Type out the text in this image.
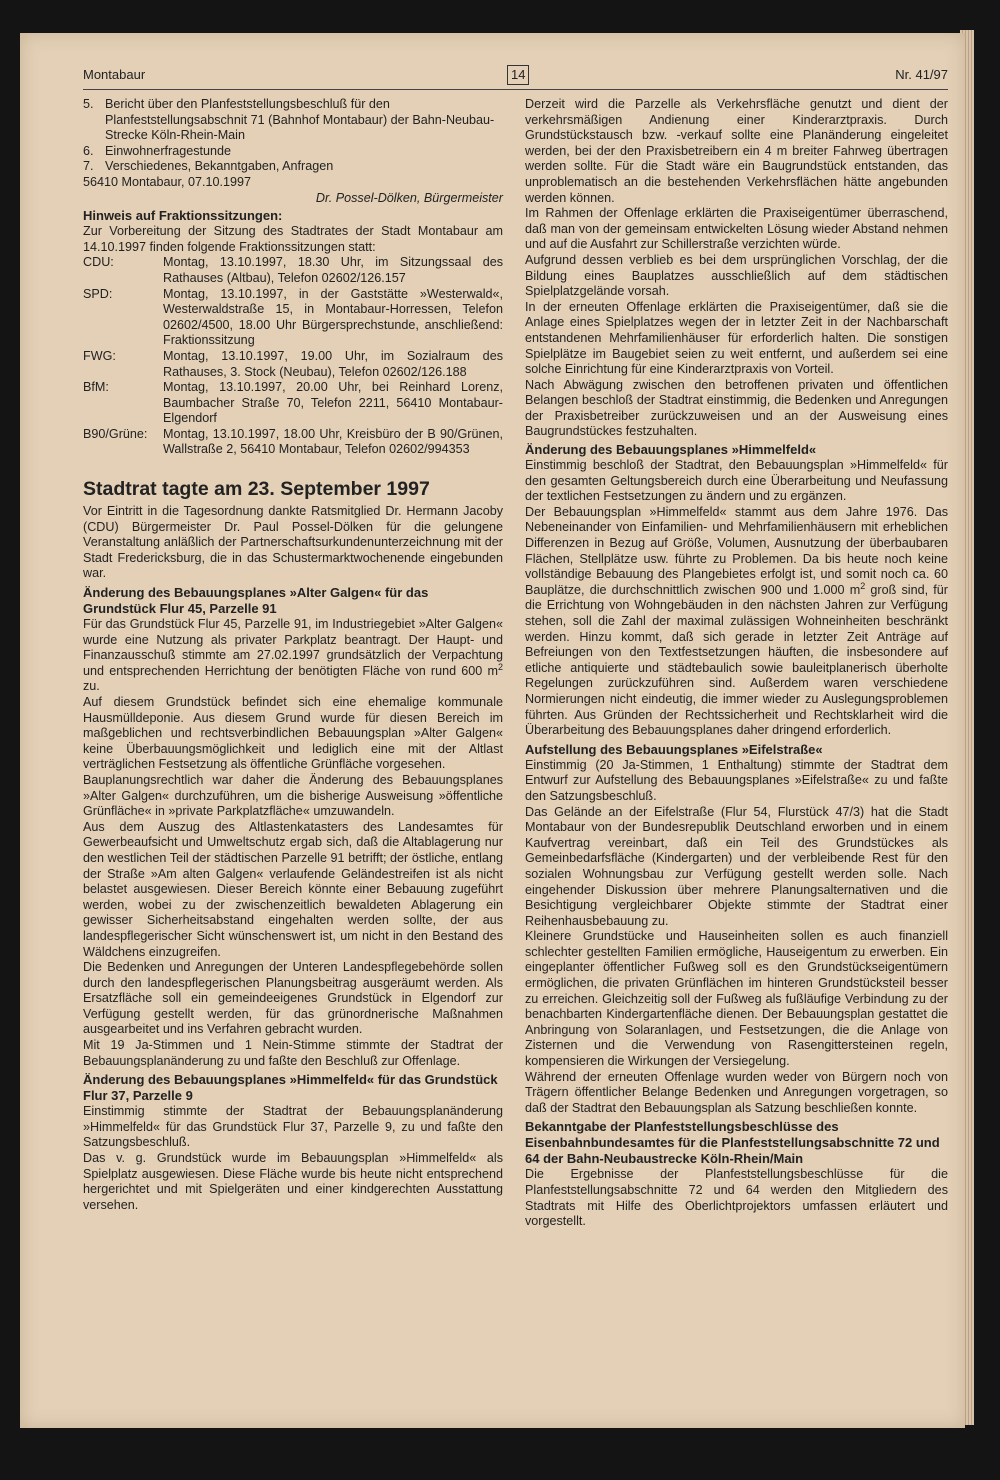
Montabaur	14	Nr. 41/97
5. Bericht über den Planfeststellungsbeschluß für den Planfeststellungsabschnit 71 (Bahnhof Montabaur) der Bahn-Neubau-Strecke Köln-Rhein-Main
6. Einwohnerfragestunde
7. Verschiedenes, Bekanntgaben, Anfragen

56410 Montabaur, 07.10.1997

Dr. Possel-Dölken, Bürgermeister

Hinweis auf Fraktionssitzungen:

Zur Vorbereitung der Sitzung des Stadtrates der Stadt Montabaur am 14.10.1997 finden folgende Fraktionssitzungen statt:

CDU:	Montag, 13.10.1997, 18.30 Uhr, im Sitzungssaal des Rathauses (Altbau), Telefon 02602/126.157
SPD:	Montag, 13.10.1997, in der Gaststätte »Westerwald«, Westerwaldstraße 15, in Montabaur-Horressen, Telefon 02602/4500, 18.00 Uhr Bürgersprechstunde, anschließend: Fraktionssitzung
FWG:	Montag, 13.10.1997, 19.00 Uhr, im Sozialraum des Rathauses, 3. Stock (Neubau), Telefon 02602/126.188
BfM:	Montag, 13.10.1997, 20.00 Uhr, bei Reinhard Lorenz, Baumbacher Straße 70, Telefon 2211, 56410 Montabaur-Elgendorf
B90/Grüne:	Montag, 13.10.1997, 18.00 Uhr, Kreisbüro der B 90/Grünen, Wallstraße 2, 56410 Montabaur, Telefon 02602/994353
Stadtrat tagte am 23. September 1997

Vor Eintritt in die Tagesordnung dankte Ratsmitglied Dr. Hermann Jacoby (CDU) Bürgermeister Dr. Paul Possel-Dölken für die gelungene Veranstaltung anläßlich der Partnerschaftsurkundenunterzeichnung mit der Stadt Fredericksburg, die in das Schustermarktwochenende eingebunden war.

Änderung des Bebauungsplanes »Alter Galgen« für das Grundstück Flur 45, Parzelle 91

Für das Grundstück Flur 45, Parzelle 91, im Industriegebiet »Alter Galgen« wurde eine Nutzung als privater Parkplatz beantragt. Der Haupt- und Finanzausschuß stimmte am 27.02.1997 grundsätzlich der Verpachtung und entsprechenden Herrichtung der benötigten Fläche von rund 600 $m^2$ zu.

Auf diesem Grundstück befindet sich eine ehemalige kommunale Hausmülldeponie. Aus diesem Grund wurde für diesen Bereich im maßgeblichen und rechtsverbindlichen Bebauungsplan »Alter Galgen« keine Überbauungsmöglichkeit und lediglich eine mit der Altlast verträglichen Festsetzung als öffentliche Grünfläche vorgesehen.

Bauplanungsrechtlich war daher die Änderung des Bebauungsplanes »Alter Galgen« durchzuführen, um die bisherige Ausweisung »öffentliche Grünfläche« in »private Parkplatzfläche« umzuwandeln.

Aus dem Auszug des Altlastenkatasters des Landesamtes für Gewerbeaufsicht und Umweltschutz ergab sich, daß die Altablagerung nur den westlichen Teil der städtischen Parzelle 91 betrifft; der östliche, entlang der Straße »Am alten Galgen« verlaufende Geländestreifen ist als nicht belastet ausgewiesen. Dieser Bereich könnte einer Bebauung zugeführt werden, wobei zu der zwischenzeitlich bewaldeten Ablagerung ein gewisser Sicherheitsabstand eingehalten werden sollte, der aus landespflegerischer Sicht wünschenswert ist, um nicht in den Bestand des Wäldchens einzugreifen.

Die Bedenken und Anregungen der Unteren Landespflegebehörde sollen durch den landespflegerischen Planungsbeitrag ausgeräumt werden. Als Ersatzfläche soll ein gemeindeeigenes Grundstück in Elgendorf zur Verfügung gestellt werden, für das grünordnerische Maßnahmen ausgearbeitet und ins Verfahren gebracht wurden.

Mit 19 Ja-Stimmen und 1 Nein-Stimme stimmte der Stadtrat der Bebauungsplanänderung zu und faßte den Beschluß zur Offenlage.

Änderung des Bebauungsplanes »Himmelfeld« für das Grundstück Flur 37, Parzelle 9

Einstimmig stimmte der Stadtrat der Bebauungsplanänderung »Himmelfeld« für das Grundstück Flur 37, Parzelle 9, zu und faßte den Satzungsbeschluß.

Das v. g. Grundstück wurde im Bebauungsplan »Himmelfeld« als Spielplatz ausgewiesen. Diese Fläche wurde bis heute nicht entsprechend hergerichtet und mit Spielgeräten und einer kindgerechten Ausstattung versehen.

Derzeit wird die Parzelle als Verkehrsfläche genutzt und dient der verkehrsmäßigen Andienung einer Kinderarztpraxis. Durch Grundstückstausch bzw. -verkauf sollte eine Planänderung eingeleitet werden, bei der den Praxisbetreibern ein 4 m breiter Fahrweg übertragen werden sollte. Für die Stadt wäre ein Baugrundstück entstanden, das unproblematisch an die bestehenden Verkehrsflächen hätte angebunden werden können.

Im Rahmen der Offenlage erklärten die Praxiseigentümer überraschend, daß man von der gemeinsam entwickelten Lösung wieder Abstand nehmen und auf die Ausfahrt zur Schillerstraße verzichten würde.

Aufgrund dessen verblieb es bei dem ursprünglichen Vorschlag, der die Bildung eines Bauplatzes ausschließlich auf dem städtischen Spielplatzgelände vorsah.

In der erneuten Offenlage erklärten die Praxiseigentümer, daß sie die Anlage eines Spielplatzes wegen der in letzter Zeit in der Nachbarschaft entstandenen Mehrfamilienhäuser für erforderlich halten. Die sonstigen Spielplätze im Baugebiet seien zu weit entfernt, und außerdem sei eine solche Einrichtung für eine Kinderarztpraxis von Vorteil.

Nach Abwägung zwischen den betroffenen privaten und öffentlichen Belangen beschloß der Stadtrat einstimmig, die Bedenken und Anregungen der Praxisbetreiber zurückzuweisen und an der Ausweisung eines Baugrundstückes festzuhalten.

Änderung des Bebauungsplanes »Himmelfeld«

Einstimmig beschloß der Stadtrat, den Bebauungsplan »Himmelfeld« für den gesamten Geltungsbereich durch eine Überarbeitung und Neufassung der textlichen Festsetzungen zu ändern und zu ergänzen.

Der Bebauungsplan »Himmelfeld« stammt aus dem Jahre 1976. Das Nebeneinander von Einfamilien- und Mehrfamilienhäusern mit erheblichen Differenzen in Bezug auf Größe, Volumen, Ausnutzung der überbaubaren Flächen, Stellplätze usw. führte zu Problemen. Da bis heute noch keine vollständige Bebauung des Plangebietes erfolgt ist, und somit noch ca. 60 Bauplätze, die durchschnittlich zwischen 900 und 1.000 $m^2$ groß sind, für die Errichtung von Wohngebäuden in den nächsten Jahren zur Verfügung stehen, soll die Zahl der maximal zulässigen Wohneinheiten beschränkt werden. Hinzu kommt, daß sich gerade in letzter Zeit Anträge auf Befreiungen von den Textfestsetzungen häuften, die insbesondere auf etliche antiquierte und städtebaulich sowie bauleitplanerisch überholte Regelungen zurückzuführen sind. Außerdem waren verschiedene Normierungen nicht eindeutig, die immer wieder zu Auslegungsproblemen führten. Aus Gründen der Rechtssicherheit und Rechtsklarheit wird die Überarbeitung des Bebauungsplanes daher dringend erforderlich.

Aufstellung des Bebauungsplanes »Eifelstraße«

Einstimmig (20 Ja-Stimmen, 1 Enthaltung) stimmte der Stadtrat dem Entwurf zur Aufstellung des Bebauungsplanes »Eifelstraße« zu und faßte den Satzungsbeschluß.

Das Gelände an der Eifelstraße (Flur 54, Flurstück 47/3) hat die Stadt Montabaur von der Bundesrepublik Deutschland erworben und in einem Kaufvertrag vereinbart, daß ein Teil des Grundstückes als Gemeinbedarfsfläche (Kindergarten) und der verbleibende Rest für den sozialen Wohnungsbau zur Verfügung gestellt werden solle. Nach eingehender Diskussion über mehrere Planungsalternativen und die Besichtigung vergleichbarer Objekte stimmte der Stadtrat einer Reihenhausbebauung zu.

Kleinere Grundstücke und Hauseinheiten sollen es auch finanziell schlechter gestellten Familien ermögliche, Hauseigentum zu erwerben. Ein eingeplanter öffentlicher Fußweg soll es den Grundstückseigentümern ermöglichen, die privaten Grünflächen im hinteren Grundstücksteil besser zu erreichen. Gleichzeitig soll der Fußweg als fußläufige Verbindung zu der benachbarten Kindergartenfläche dienen. Der Bebauungsplan gestattet die Anbringung von Solaranlagen, und Festsetzungen, die die Anlage von Zisternen und die Verwendung von Rasengittersteinen regeln, kompensieren die Wirkungen der Versiegelung.

Während der erneuten Offenlage wurden weder von Bürgern noch von Trägern öffentlicher Belange Bedenken und Anregungen vorgetragen, so daß der Stadtrat den Bebauungsplan als Satzung beschließen konnte.

Bekanntgabe der Planfeststellungsbeschlüsse des Eisenbahnbundesamtes für die Planfeststellungsabschnitte 72 und 64 der Bahn-Neubaustrecke Köln-Rhein/Main

Die Ergebnisse der Planfeststellungsbeschlüsse für die Planfeststellungsabschnitte 72 und 64 werden den Mitgliedern des Stadtrats mit Hilfe des Oberlichtprojektors umfassen erläutert und vorgestellt.
